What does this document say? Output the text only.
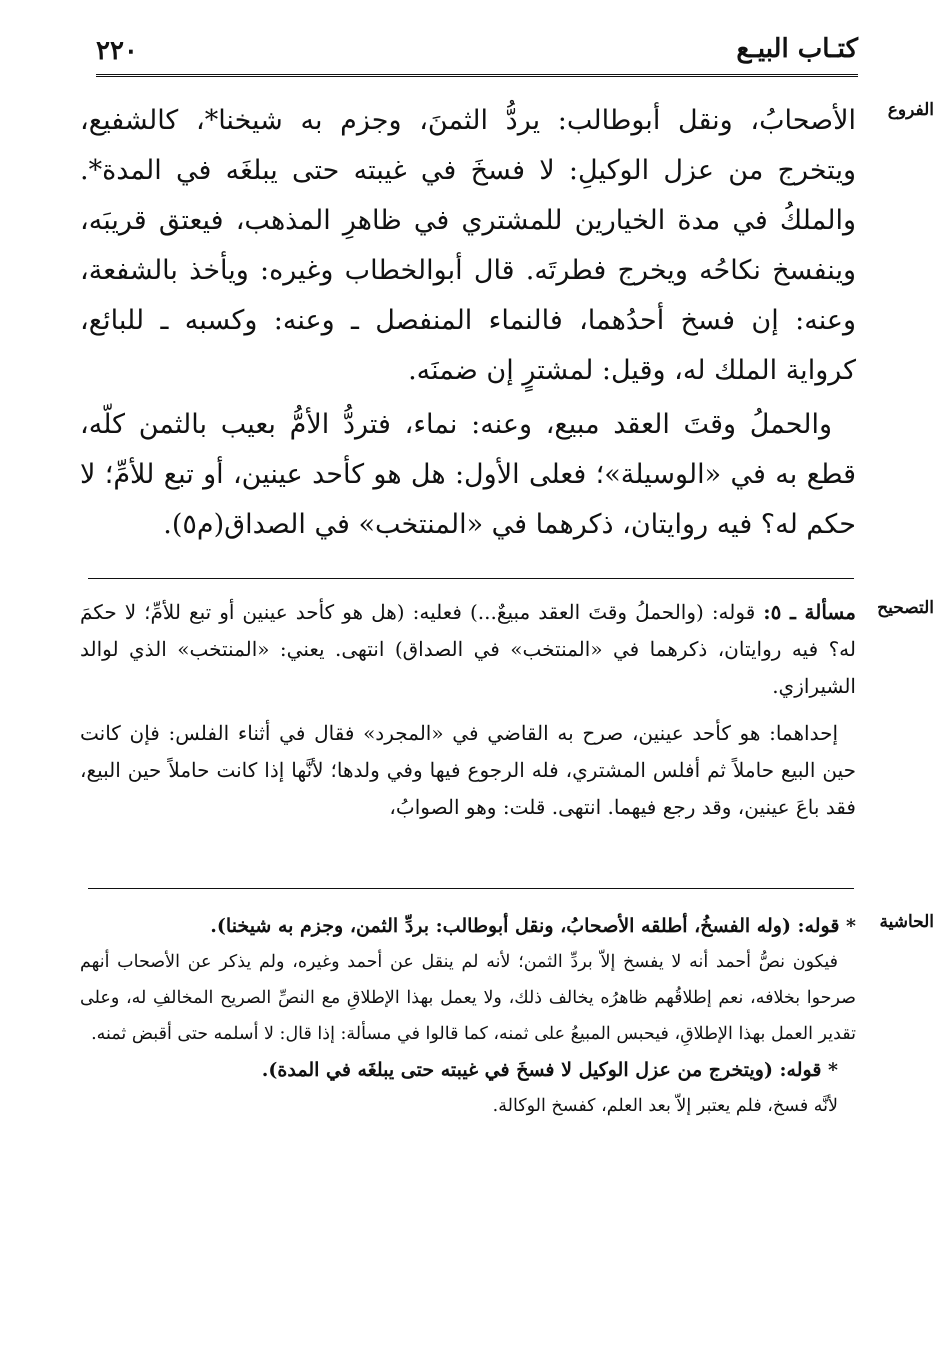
كتـاب البيـع
٢٢٠
الفروع

الأصحابُ، ونقل أبوطالب: يردُّ الثمنَ، وجزم به شيخنا*، كالشفيع، ويتخرج من عزل الوكيلِ: لا فسخَ في غيبته حتى يبلغَه في المدة*. والملكُ في مدة الخيارين للمشتري في ظاهرِ المذهب، فيعتق قريبَه، وينفسخ نكاحُه ويخرج فطرتَه. قال أبوالخطاب وغيره: ويأخذ بالشفعة، وعنه: إن فسخ أحدُهما، فالنماء المنفصل ـ وعنه: وكسبه ـ للبائع، كرواية الملك له، وقيل: لمشترٍ إن ضمنَه.

والحملُ وقتَ العقد مبيع، وعنه: نماء، فتردُّ الأمُّ بعيب بالثمن كلّه، قطع به في «الوسيلة»؛ فعلى الأول: هل هو كأحد عينين، أو تبع للأمِّ؛ لا حكم له؟ فيه روايتان، ذكرهما في «المنتخب» في الصداق(م٥).

التصحيح

مسألة ـ ٥: قوله: (والحملُ وقتَ العقد مبيعٌ...) فعليه: (هل هو كأحد عينين أو تبع للأمِّ؛ لا حكمَ له؟ فيه روايتان، ذكرهما في «المنتخب» في الصداق) انتهى. يعني: «المنتخب» الذي لوالد الشيرازي.

إحداهما: هو كأحد عينين، صرح به القاضي في «المجرد» فقال في أثناء الفلس: فإن كانت حين البيع حاملاً ثم أفلس المشتري، فله الرجوع فيها وفي ولدها؛ لأنَّها إذا كانت حاملاً حين البيع، فقد باعَ عينين، وقد رجع فيهما. انتهى. قلت: وهو الصوابُ،

الحاشية

* قوله: (وله الفسخُ، أطلقه الأصحابُ، ونقل أبوطالب: بردِّ الثمن، وجزم به شيخنا).

فيكون نصُّ أحمد أنه لا يفسخ إلاّ بردِّ الثمن؛ لأنه لم ينقل عن أحمد وغيره، ولم يذكر عن الأصحاب أنهم صرحوا بخلافه، نعم إطلاقُهم ظاهرُه يخالف ذلك، ولا يعمل بهذا الإطلاقِ مع النصِّ الصريح المخالفِ له، وعلى تقدير العمل بهذا الإطلاقِ، فيحبس المبيعُ على ثمنه، كما قالوا في مسألة: إذا قال: لا أسلمه حتى أقبض ثمنه.

* قوله: (ويتخرج من عزل الوكيل لا فسخَ في غيبته حتى يبلغَه في المدة).

لأنَّه فسخ، فلم يعتبر إلاّ بعد العلم، كفسخ الوكالة.
